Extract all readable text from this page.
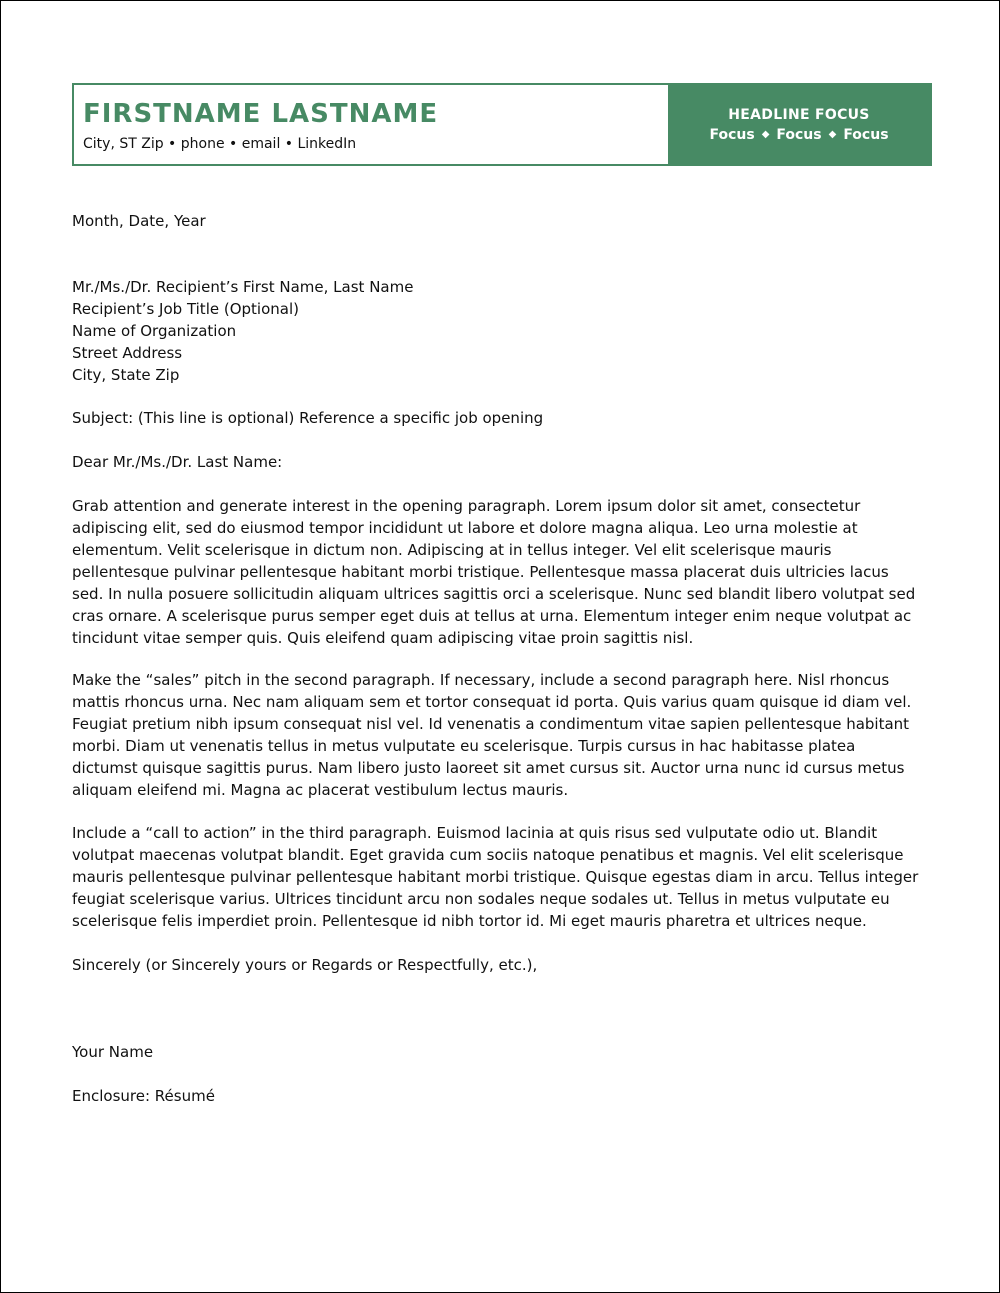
FIRSTNAME LASTNAME
City, ST Zip • phone • email • LinkedIn
HEADLINE FOCUS
Focus ◆ Focus ◆ Focus

Month, Date, Year

Mr./Ms./Dr. Recipient’s First Name, Last Name

Recipient’s Job Title (Optional)

Name of Organization

Street Address

City, State Zip

Subject: (This line is optional) Reference a specific job opening

Dear Mr./Ms./Dr. Last Name:

Grab attention and generate interest in the opening paragraph. Lorem ipsum dolor sit amet, consectetur adipiscing elit, sed do eiusmod tempor incididunt ut labore et dolore magna aliqua. Leo urna molestie at elementum. Velit scelerisque in dictum non. Adipiscing at in tellus integer. Vel elit scelerisque mauris pellentesque pulvinar pellentesque habitant morbi tristique. Pellentesque massa placerat duis ultricies lacus sed. In nulla posuere sollicitudin aliquam ultrices sagittis orci a scelerisque. Nunc sed blandit libero volutpat sed cras ornare. A scelerisque purus semper eget duis at tellus at urna. Elementum integer enim neque volutpat ac tincidunt vitae semper quis. Quis eleifend quam adipiscing vitae proin sagittis nisl.

Make the “sales” pitch in the second paragraph. If necessary, include a second paragraph here. Nisl rhoncus mattis rhoncus urna. Nec nam aliquam sem et tortor consequat id porta. Quis varius quam quisque id diam vel. Feugiat pretium nibh ipsum consequat nisl vel. Id venenatis a condimentum vitae sapien pellentesque habitant morbi. Diam ut venenatis tellus in metus vulputate eu scelerisque. Turpis cursus in hac habitasse platea dictumst quisque sagittis purus. Nam libero justo laoreet sit amet cursus sit. Auctor urna nunc id cursus metus aliquam eleifend mi. Magna ac placerat vestibulum lectus mauris.

Include a “call to action” in the third paragraph. Euismod lacinia at quis risus sed vulputate odio ut. Blandit volutpat maecenas volutpat blandit. Eget gravida cum sociis natoque penatibus et magnis. Vel elit scelerisque mauris pellentesque pulvinar pellentesque habitant morbi tristique. Quisque egestas diam in arcu. Tellus integer feugiat scelerisque varius. Ultrices tincidunt arcu non sodales neque sodales ut. Tellus in metus vulputate eu scelerisque felis imperdiet proin. Pellentesque id nibh tortor id. Mi eget mauris pharetra et ultrices neque.

Sincerely (or Sincerely yours or Regards or Respectfully, etc.),

Your Name

Enclosure: Résumé
